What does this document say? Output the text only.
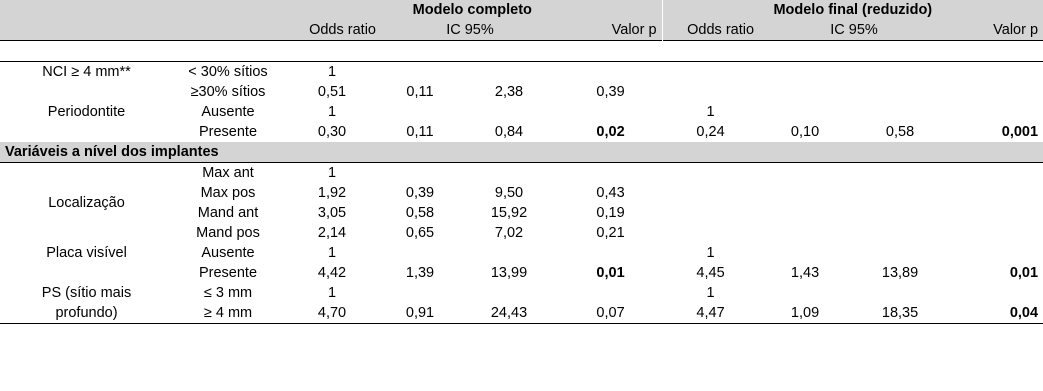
		Modelo completo				Modelo final (reduzido)			
		Odds ratio	IC 95%		Valor p	Odds ratio	IC 95%		Valor p

NCI ≥ 4 mm**	< 30% sítios	1							
	≥30% sítios	0,51	0,11	2,38	0,39				
Periodontite	Ausente	1				1			
	Presente	0,30	0,11	0,84	0,02	0,24	0,10	0,58	0,001
Variáveis a nível dos implantes									
Localização	Max ant	1							
	Max pos	1,92	0,39	9,50	0,43				
	Mand ant	3,05	0,58	15,92	0,19				
	Mand pos	2,14	0,65	7,02	0,21				
Placa visível	Ausente	1				1			
	Presente	4,42	1,39	13,99	0,01	4,45	1,43	13,89	0,01
PS (sítio mais	≤ 3 mm	1				1			
profundo)	≥ 4 mm	4,70	0,91	24,43	0,07	4,47	1,09	18,35	0,04
